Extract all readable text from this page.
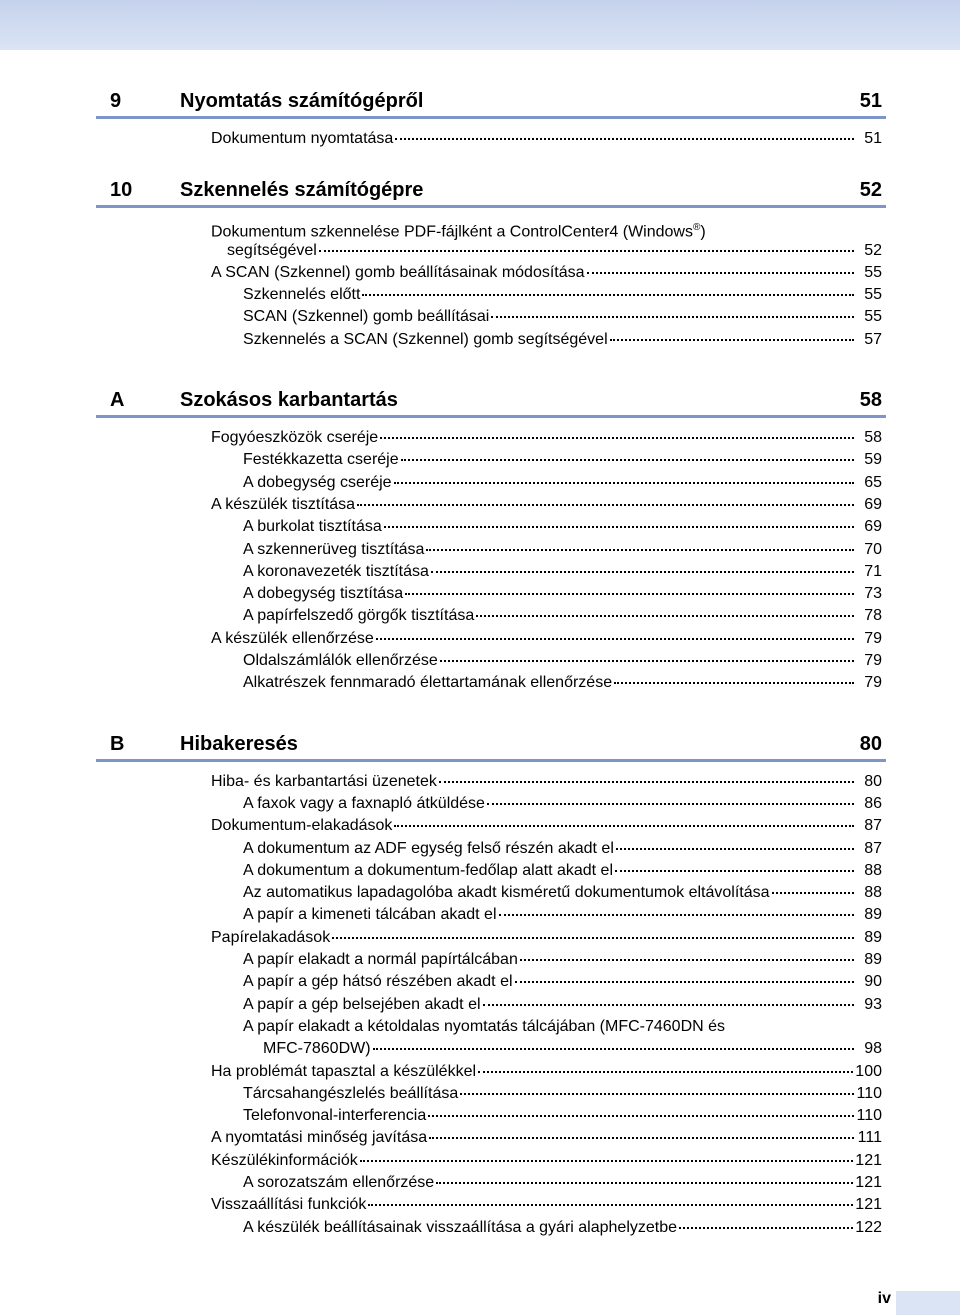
9	Nyomtatás számítógépről	51
Dokumentum nyomtatása	51
10	Szkennelés számítógépre	52
Dokumentum szkennelése PDF-fájlként a ControlCenter4 (Windows®)
segítségével	52
A SCAN (Szkennel) gomb beállításainak módosítása	55
Szkennelés előtt	55
SCAN (Szkennel) gomb beállításai	55
Szkennelés a SCAN (Szkennel) gomb segítségével	57
A	Szokásos karbantartás	58
Fogyóeszközök cseréje	58
Festékkazetta cseréje	59
A dobegység cseréje	65
A készülék tisztítása	69
A burkolat tisztítása	69
A szkennerüveg tisztítása	70
A koronavezeték tisztítása	71
A dobegység tisztítása	73
A papírfelszedő görgők tisztítása	78
A készülék ellenőrzése	79
Oldalszámlálók ellenőrzése	79
Alkatrészek fennmaradó élettartamának ellenőrzése	79
B	Hibakeresés	80
Hiba- és karbantartási üzenetek	80
A faxok vagy a faxnapló átküldése	86
Dokumentum-elakadások	87
A dokumentum az ADF egység felső részén akadt el	87
A dokumentum a dokumentum-fedőlap alatt akadt el	88
Az automatikus lapadagolóba akadt kisméretű dokumentumok eltávolítása	88
A papír a kimeneti tálcában akadt el	89
Papírelakadások	89
A papír elakadt a normál papírtálcában	89
A papír a gép hátsó részében akadt el	90
A papír a gép belsejében akadt el	93
A papír elakadt a kétoldalas nyomtatás tálcájában (MFC-7460DN és
MFC-7860DW)	98
Ha problémát tapasztal a készülékkel	100
Tárcsahangészlelés beállítása	110
Telefonvonal-interferencia	110
A nyomtatási minőség javítása	111
Készülékinformációk	121
A sorozatszám ellenőrzése	121
Visszaállítási funkciók	121
A készülék beállításainak visszaállítása a gyári alaphelyzetbe	122
iv
